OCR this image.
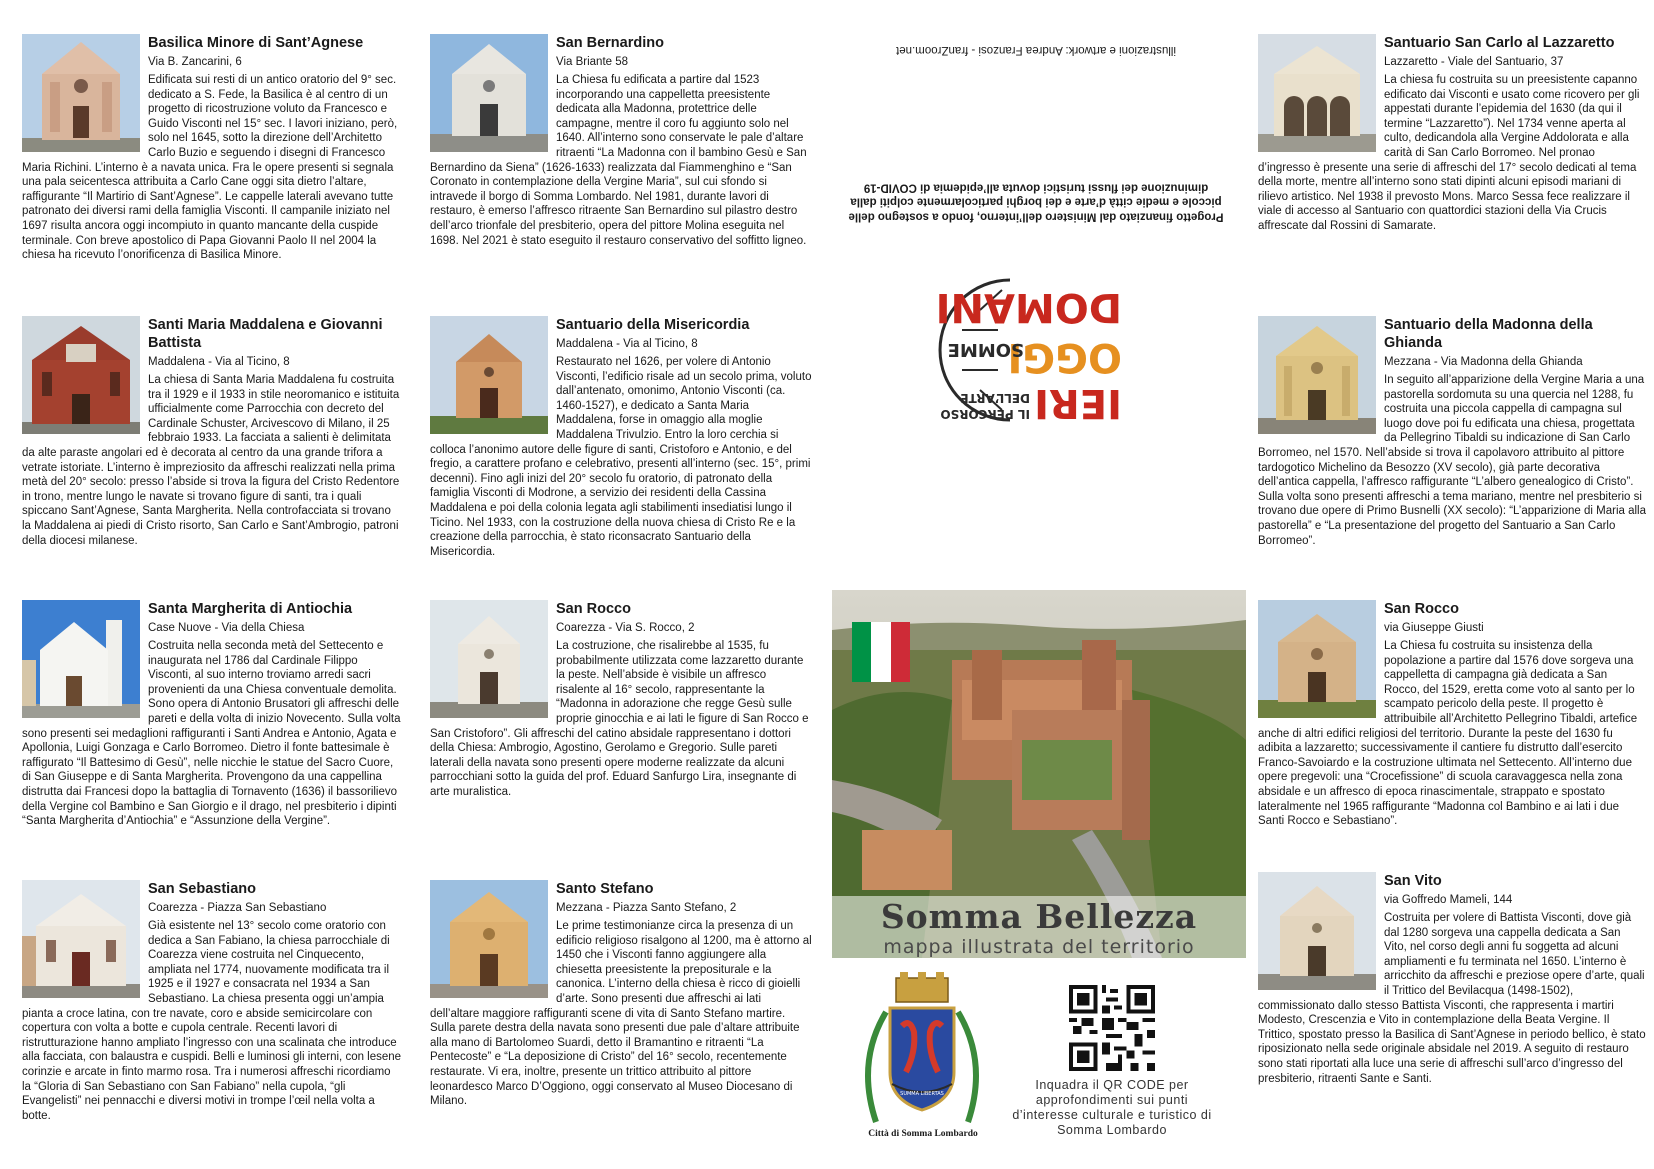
Basilica Minore di Sant’Agnese
Via B. Zancarini, 6

Edificata sui resti di un antico oratorio del 9° sec. dedicato a S. Fede, la Basilica è al centro di un progetto di ricostruzione voluto da Francesco e Guido Visconti nel 15° sec. I lavori iniziano, però, solo nel 1645, sotto la direzione dell’Architetto Carlo Buzio e seguendo i disegni di Francesco Maria Richini. L’interno è a navata unica. Fra le opere presenti si segnala una pala seicentesca attribuita a Carlo Cane oggi sita dietro l’altare, raffigurante “Il Martirio di Sant’Agnese”. Le cappelle laterali avevano tutte patronato dei diversi rami della famiglia Visconti. Il campanile iniziato nel 1697 risulta ancora oggi incompiuto in quanto mancante della cuspide terminale. Con breve apostolico di Papa Giovanni Paolo II nel 2004 la chiesa ha ricevuto l’onorificenza di Basilica Minore.

Santi Maria Maddalena e Giovanni Battista
Maddalena - Via al Ticino, 8

La chiesa di Santa Maria Maddalena fu costruita tra il 1929 e il 1933 in stile neoromanico e istituita ufficialmente come Parrocchia con decreto del Cardinale Schuster, Arcivescovo di Milano, il 25 febbraio 1933. La facciata a salienti è delimitata da alte paraste angolari ed è decorata al centro da una grande trifora a vetrate istoriate. L’interno è impreziosito da affreschi realizzati nella prima metà del 20° secolo: presso l’abside si trova la figura del Cristo Redentore in trono, mentre lungo le navate si trovano figure di santi, tra i quali spiccano Sant’Agnese, Santa Margherita. Nella controfacciata si trovano la Maddalena ai piedi di Cristo risorto, San Carlo e Sant’Ambrogio, patroni della diocesi milanese.

Santa Margherita di Antiochia
Case Nuove - Via della Chiesa

Costruita nella seconda metà del Settecento e inaugurata nel 1786 dal Cardinale Filippo Visconti, al suo interno troviamo arredi sacri provenienti da una Chiesa conventuale demolita. Sono opera di Antonio Brusatori gli affreschi delle pareti e della volta di inizio Novecento. Sulla volta sono presenti sei medaglioni raffiguranti i Santi Andrea e Antonio, Agata e Apollonia, Luigi Gonzaga e Carlo Borromeo. Dietro il fonte battesimale è raffigurato “Il Battesimo di Gesù”, nelle nicchie le statue del Sacro Cuore, di San Giuseppe e di Santa Margherita. Provengono da una cappellina distrutta dai Francesi dopo la battaglia di Tornavento (1636) il bassorilievo della Vergine col Bambino e San Giorgio e il drago, nel presbiterio i dipinti “Santa Margherita d’Antiochia” e “Assunzione della Vergine”.

San Sebastiano
Coarezza - Piazza San Sebastiano

Già esistente nel 13° secolo come oratorio con dedica a San Fabiano, la chiesa parrocchiale di Coarezza viene costruita nel Cinquecento, ampliata nel 1774, nuovamente modificata tra il 1925 e il 1927 e consacrata nel 1934 a San Sebastiano. La chiesa presenta oggi un’ampia pianta a croce latina, con tre navate, coro e abside semicircolare con copertura con volta a botte e cupola centrale. Recenti lavori di ristrutturazione hanno ampliato l’ingresso con una scalinata che introduce alla facciata, con balaustra e cuspidi. Belli e luminosi gli interni, con lesene corinzie e arcate in finto marmo rosa. Tra i numerosi affreschi ricordiamo la “Gloria di San Sebastiano con San Fabiano” nella cupola, “gli Evangelisti” nei pennacchi e diversi motivi in trompe l’œil nella volta a botte.

San Bernardino
Via Briante 58

La Chiesa fu edificata a partire dal 1523 incorporando una cappelletta preesistente dedicata alla Madonna, protettrice delle campagne, mentre il coro fu aggiunto solo nel 1640. All’interno sono conservate le pale d’altare ritraenti “La Madonna con il bambino Gesù e San Bernardino da Siena” (1626-1633) realizzata dal Fiammenghino e “San Coronato in contemplazione della Vergine Maria”, sul cui sfondo si intravede il borgo di Somma Lombardo. Nel 1981, durante lavori di restauro, è emerso l’affresco ritraente San Bernardino sul pilastro destro dell’arco trionfale del presbiterio, opera del pittore Molina eseguita nel 1698. Nel 2021 è stato eseguito il restauro conservativo del soffitto ligneo.

Santuario della Misericordia
Maddalena - Via al Ticino, 8

Restaurato nel 1626, per volere di Antonio Visconti, l’edificio risale ad un secolo prima, voluto dall’antenato, omonimo, Antonio Visconti (ca. 1460-1527), e dedicato a Santa Maria Maddalena, forse in omaggio alla moglie Maddalena Trivulzio. Entro la loro cerchia si colloca l’anonimo autore delle figure di santi, Cristoforo e Antonio, e del fregio, a carattere profano e celebrativo, presenti all’interno (sec. 15°, primi decenni). Fino agli inizi del 20° secolo fu oratorio, di patronato della famiglia Visconti di Modrone, a servizio dei residenti della Cassina Maddalena e poi della colonia legata agli stabilimenti insediatisi lungo il Ticino. Nel 1933, con la costruzione della nuova chiesa di Cristo Re e la creazione della parrocchia, è stato riconsacrato Santuario della Misericordia.

San Rocco
Coarezza - Via S. Rocco, 2

La costruzione, che risalirebbe al 1535, fu probabilmente utilizzata come lazzaretto durante la peste. Nell’abside è visibile un affresco risalente al 16° secolo, rappresentante la “Madonna in adorazione che regge Gesù sulle proprie ginocchia e ai lati le figure di San Rocco e San Cristoforo”. Gli affreschi del catino absidale rappresentano i dottori della Chiesa: Ambrogio, Agostino, Gerolamo e Gregorio. Sulle pareti laterali della navata sono presenti opere moderne realizzate da alcuni parrocchiani sotto la guida del prof. Eduard Sanfurgo Lira, insegnante di arte muralistica.

Santo Stefano
Mezzana - Piazza Santo Stefano, 2

Le prime testimonianze circa la presenza di un edificio religioso risalgono al 1200, ma è attorno al 1450 che i Visconti fanno aggiungere alla chiesetta preesistente la prepositurale e la canonica. L’interno della chiesa è ricco di gioielli d’arte. Sono presenti due affreschi ai lati dell’altare maggiore raffiguranti scene di vita di Santo Stefano martire. Sulla parete destra della navata sono presenti due pale d’altare attribuite alla mano di Bartolomeo Suardi, detto il Bramantino e ritraenti “La Pentecoste” e “La deposizione di Cristo” del 16° secolo, recentemente restaurate. Vi era, inoltre, presente un trittico attribuito al pittore leonardesco Marco D’Oggiono, oggi conservato al Museo Diocesano di Milano.

Santuario San Carlo al Lazzaretto
Lazzaretto - Viale del Santuario, 37

La chiesa fu costruita su un preesistente capanno edificato dai Visconti e usato come ricovero per gli appestati durante l’epidemia del 1630 (da qui il termine “Lazzaretto”). Nel 1734 venne aperta al culto, dedicandola alla Vergine Addolorata e alla carità di San Carlo Borromeo. Nel pronao d’ingresso è presente una serie di affreschi del 17° secolo dedicati al tema della morte, mentre all’interno sono stati dipinti alcuni episodi mariani di rilievo artistico. Nel 1938 il prevosto Mons. Marco Sessa fece realizzare il viale di accesso al Santuario con quattordici stazioni della Via Crucis affrescate dal Rossini di Samarate.

Santuario della Madonna della Ghianda
Mezzana - Via Madonna della Ghianda

In seguito all’apparizione della Vergine Maria a una pastorella sordomuta su una quercia nel 1288, fu costruita una piccola cappella di campagna sul luogo dove poi fu edificata una chiesa, progettata da Pellegrino Tibaldi su indicazione di San Carlo Borromeo, nel 1570. Nell’abside si trova il capolavoro attribuito al pittore tardogotico Michelino da Besozzo (XV secolo), già parte decorativa dell’antica cappella, l’affresco raffigurante “L’albero genealogico di Cristo”. Sulla volta sono presenti affreschi a tema mariano, mentre nel presbiterio si trovano due opere di Primo Busnelli (XX secolo): “L’apparizione di Maria alla pastorella” e “La presentazione del progetto del Santuario a San Carlo Borromeo”.

San Rocco
via Giuseppe Giusti

La Chiesa fu costruita su insistenza della popolazione a partire dal 1576 dove sorgeva una cappelletta di campagna già dedicata a San Rocco, del 1529, eretta come voto al santo per lo scampato pericolo della peste. Il progetto è attribuibile all’Architetto Pellegrino Tibaldi, artefice anche di altri edifici religiosi del territorio. Durante la peste del 1630 fu adibita a lazzaretto; successivamente il cantiere fu distrutto dall’esercito Franco-Savoiardo e la costruzione ultimata nel Settecento. All’interno due opere pregevoli: una “Crocefissione” di scuola caravaggesca nella zona absidale e un affresco di epoca rinascimentale, strappato e spostato lateralmente nel 1965 raffigurante “Madonna col Bambino e ai lati i due Santi Rocco e Sebastiano”.

San Vito
via Goffredo Mameli, 144

Costruita per volere di Battista Visconti, dove già dal 1280 sorgeva una cappella dedicata a San Vito, nel corso degli anni fu soggetta ad alcuni ampliamenti e fu terminata nel 1650. L’interno è arricchito da affreschi e preziose opere d’arte, quali il Trittico del Bevilacqua (1498-1502), commissionato dallo stesso Battista Visconti, che rappresenta i martiri Modesto, Crescenzia e Vito in contemplazione della Beata Vergine. Il Trittico, spostato presso la Basilica di Sant’Agnese in periodo bellico, è stato riposizionato nella sede originale absidale nel 2019. A seguito di restauro sono stati riportati alla luce una serie di affreschi sull’arco d’ingresso del presbiterio, ritraenti Sante e Santi.

illustrazioni e artwork: Andrea Franzosi - franZroom.net
Progetto finanziato dal Ministero dell’interno, fondo a sostegno delle piccole e medie città d’arte e dei borghi particolarmente colpiti dalla diminuzione dei flussi turistici dovuta all’epidemia di COVID-19
IERI
IL PERCORSO
DELL’ARTE
OGGI
SOMME
DOMANI
Somma Bellezza
mappa illustrata del territorio
SUMMA LIBERTAS
Città di Somma Lombardo
Inquadra il QR CODE per approfondimenti sui punti d’interesse culturale e turistico di Somma Lombardo
